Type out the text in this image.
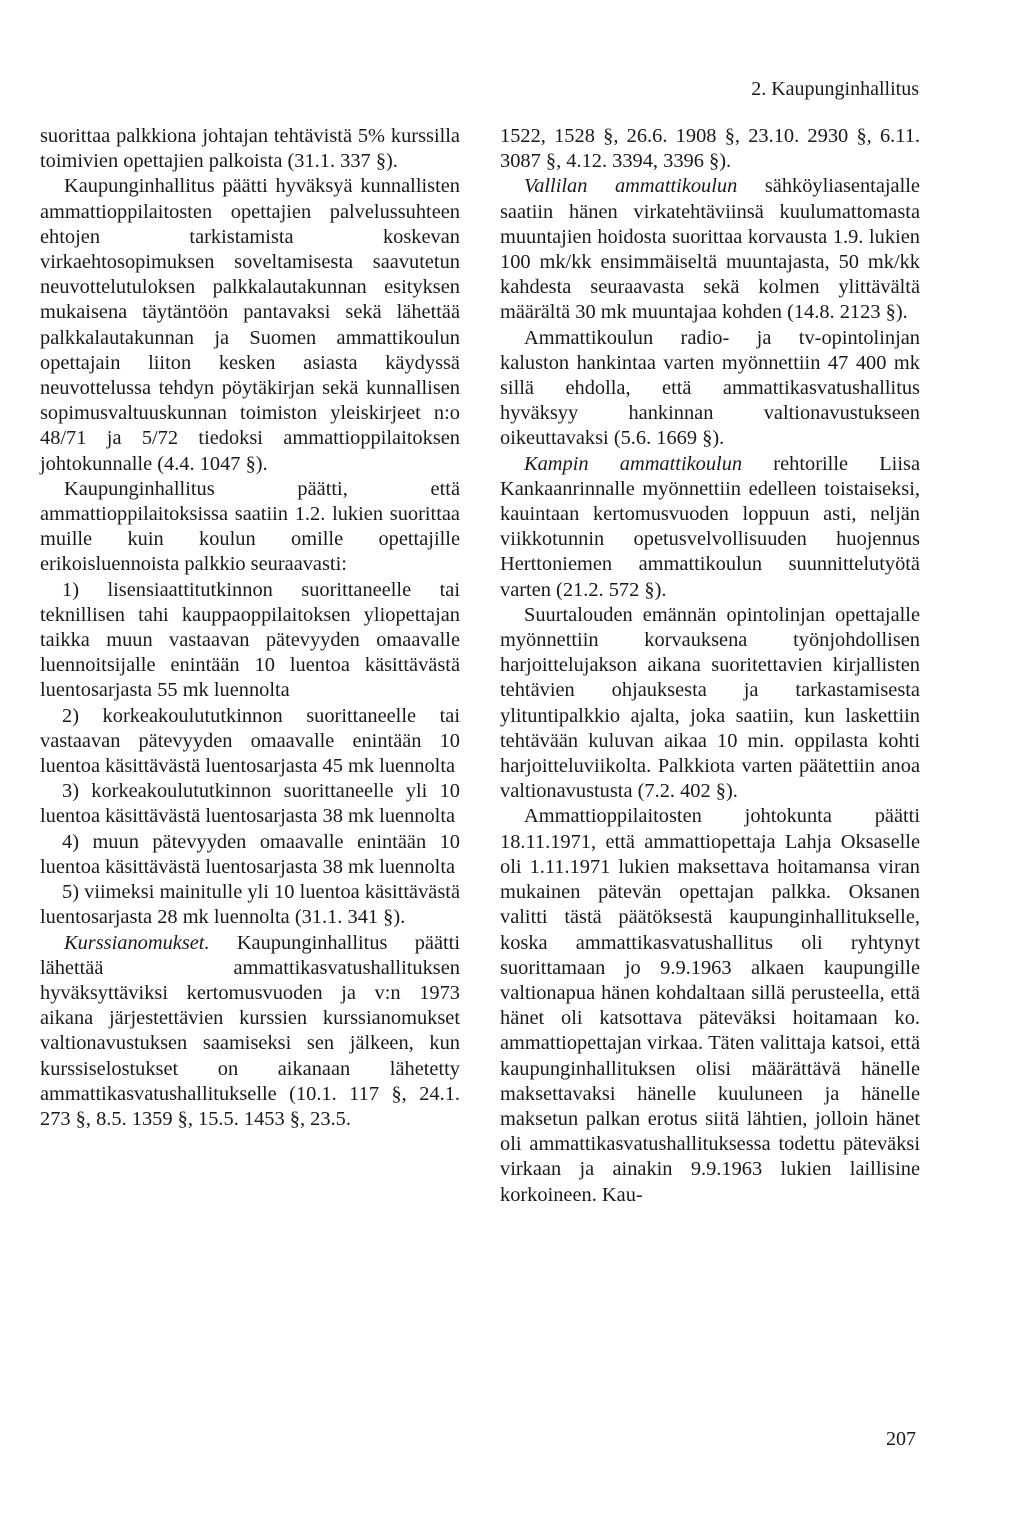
2. Kaupunginhallitus

suorittaa palkkiona johtajan tehtävistä 5% kurssilla toimivien opettajien palkoista (31.1. 337 §).

Kaupunginhallitus päätti hyväksyä kunnallisten ammattioppilaitosten opettajien palvelussuhteen ehtojen tarkistamista koskevan virkaehtosopimuksen soveltamisesta saavutetun neuvottelutuloksen palkkalautakunnan esityksen mukaisena täytäntöön pantavaksi sekä lähettää palkkalautakunnan ja Suomen ammattikoulun opettajain liiton kesken asiasta käydyssä neuvottelussa tehdyn pöytäkirjan sekä kunnallisen sopimusvaltuuskunnan toimiston yleiskirjeet n:o 48/71 ja 5/72 tiedoksi ammattioppilaitoksen johtokunnalle (4.4. 1047 §).

Kaupunginhallitus päätti, että ammattioppilaitoksissa saatiin 1.2. lukien suorittaa muille kuin koulun omille opettajille erikoisluennoista palkkio seuraavasti:

1) lisensiaattitutkinnon suorittaneelle tai teknillisen tahi kauppaoppilaitoksen yliopettajan taikka muun vastaavan pätevyyden omaavalle luennoitsijalle enintään 10 luentoa käsittävästä luentosarjasta 55 mk luennolta

2) korkeakoulututkinnon suorittaneelle tai vastaavan pätevyyden omaavalle enintään 10 luentoa käsittävästä luentosarjasta 45 mk luennolta

3) korkeakoulututkinnon suorittaneelle yli 10 luentoa käsittävästä luentosarjasta 38 mk luennolta

4) muun pätevyyden omaavalle enintään 10 luentoa käsittävästä luentosarjasta 38 mk luennolta

5) viimeksi mainitulle yli 10 luentoa käsittävästä luentosarjasta 28 mk luennolta (31.1. 341 §).

Kurssianomukset. Kaupunginhallitus päätti lähettää ammattikasvatushallituksen hyväksyttäviksi kertomusvuoden ja v:n 1973 aikana järjestettävien kurssien kurssianomukset valtionavustuksen saamiseksi sen jälkeen, kun kurssiselostukset on aikanaan lähetetty ammattikasvatushallitukselle (10.1. 117 §, 24.1. 273 §, 8.5. 1359 §, 15.5. 1453 §, 23.5.

1522, 1528 §, 26.6. 1908 §, 23.10. 2930 §, 6.11. 3087 §, 4.12. 3394, 3396 §).

Vallilan ammattikoulun sähköyliasentajalle saatiin hänen virkatehtäviinsä kuulumattomasta muuntajien hoidosta suorittaa korvausta 1.9. lukien 100 mk/kk ensimmäiseltä muuntajasta, 50 mk/kk kahdesta seuraavasta sekä kolmen ylittävältä määrältä 30 mk muuntajaa kohden (14.8. 2123 §).

Ammattikoulun radio- ja tv-opintolinjan kaluston hankintaa varten myönnettiin 47 400 mk sillä ehdolla, että ammattikasvatushallitus hyväksyy hankinnan valtionavustukseen oikeuttavaksi (5.6. 1669 §).

Kampin ammattikoulun rehtorille Liisa Kankaanrinnalle myönnettiin edelleen toistaiseksi, kauintaan kertomusvuoden loppuun asti, neljän viikkotunnin opetusvelvollisuuden huojennus Herttoniemen ammattikoulun suunnittelutyötä varten (21.2. 572 §).

Suurtalouden emännän opintolinjan opettajalle myönnettiin korvauksena työnjohdollisen harjoittelujakson aikana suoritettavien kirjallisten tehtävien ohjauksesta ja tarkastamisesta ylituntipalkkio ajalta, joka saatiin, kun laskettiin tehtävään kuluvan aikaa 10 min. oppilasta kohti harjoitteluviikolta. Palkkiota varten päätettiin anoa valtionavustusta (7.2. 402 §).

Ammattioppilaitosten johtokunta päätti 18.11.1971, että ammattiopettaja Lahja Oksaselle oli 1.11.1971 lukien maksettava hoitamansa viran mukainen pätevän opettajan palkka. Oksanen valitti tästä päätöksestä kaupunginhallitukselle, koska ammattikasvatushallitus oli ryhtynyt suorittamaan jo 9.9.1963 alkaen kaupungille valtionapua hänen kohdaltaan sillä perusteella, että hänet oli katsottava päteväksi hoitamaan ko. ammattiopettajan virkaa. Täten valittaja katsoi, että kaupunginhallituksen olisi määrättävä hänelle maksettavaksi hänelle kuuluneen ja hänelle maksetun palkan erotus siitä lähtien, jolloin hänet oli ammattikasvatushallituksessa todettu päteväksi virkaan ja ainakin 9.9.1963 lukien laillisine korkoineen. Kau-

207
